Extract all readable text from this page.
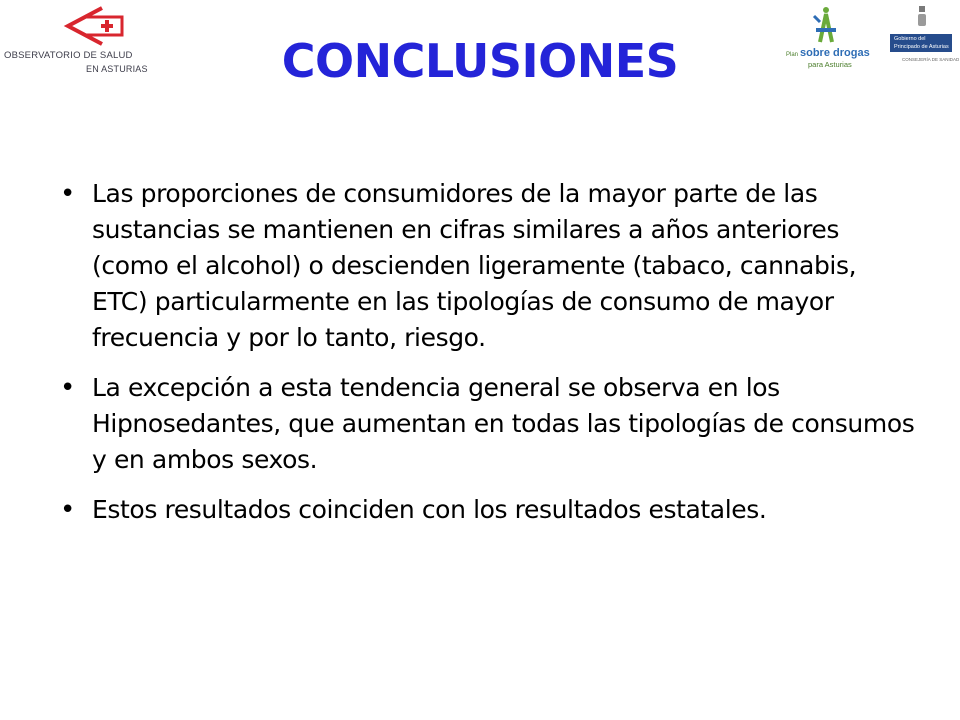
OBSERVATORIO DE SALUD
EN ASTURIAS
Plan sobre drogas
para Asturias
Gobierno del
Principado de Asturias
CONSEJERÍA DE SANIDAD
CONCLUSIONES
• Las proporciones de consumidores de la mayor parte de las sustancias se mantienen en cifras similares a años anteriores (como el alcohol) o descienden ligeramente (tabaco, cannabis, ETC) particularmente en las tipologías de consumo de mayor frecuencia y por lo tanto, riesgo.
• La excepción a esta tendencia general se observa en los Hipnosedantes, que aumentan en todas las tipologías de consumos y en ambos sexos.
• Estos resultados coinciden con los resultados estatales.
